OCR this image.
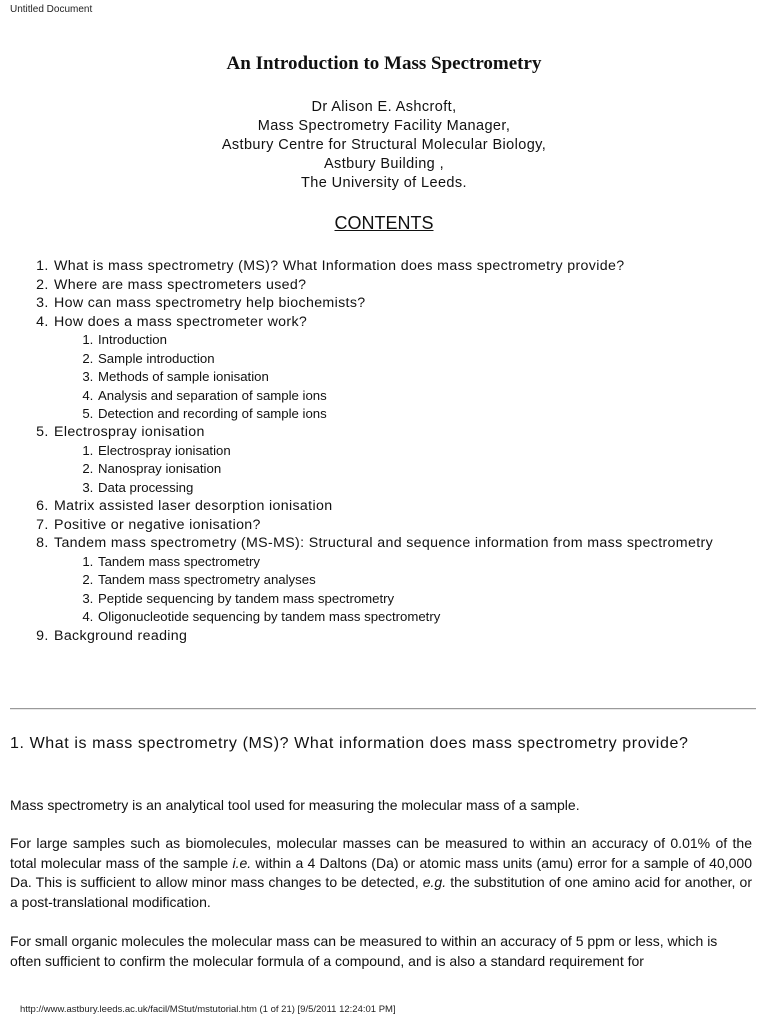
Untitled Document
An Introduction to Mass Spectrometry
Dr Alison E. Ashcroft,
Mass Spectrometry Facility Manager,
Astbury Centre for Structural Molecular Biology,
Astbury Building ,
The University of Leeds.
CONTENTS
1. What is mass spectrometry (MS)? What Information does mass spectrometry provide?
2. Where are mass spectrometers used?
3. How can mass spectrometry help biochemists?
4. How does a mass spectrometer work?
1. Introduction
2. Sample introduction
3. Methods of sample ionisation
4. Analysis and separation of sample ions
5. Detection and recording of sample ions
5. Electrospray ionisation
1. Electrospray ionisation
2. Nanospray ionisation
3. Data processing
6. Matrix assisted laser desorption ionisation
7. Positive or negative ionisation?
8. Tandem mass spectrometry (MS-MS): Structural and sequence information from mass spectrometry
1. Tandem mass spectrometry
2. Tandem mass spectrometry analyses
3. Peptide sequencing by tandem mass spectrometry
4. Oligonucleotide sequencing by tandem mass spectrometry
9. Background reading
1. What is mass spectrometry (MS)? What information does mass spectrometry provide?

Mass spectrometry is an analytical tool used for measuring the molecular mass of a sample.

For large samples such as biomolecules, molecular masses can be measured to within an accuracy of 0.01% of the total molecular mass of the sample i.e. within a 4 Daltons (Da) or atomic mass units (amu) error for a sample of 40,000 Da. This is sufficient to allow minor mass changes to be detected, e.g. the substitution of one amino acid for another, or a post-translational modification.

For small organic molecules the molecular mass can be measured to within an accuracy of 5 ppm or less, which is often sufficient to confirm the molecular formula of a compound, and is also a standard requirement for

http://www.astbury.leeds.ac.uk/facil/MStut/mstutorial.htm (1 of 21) [9/5/2011 12:24:01 PM]
